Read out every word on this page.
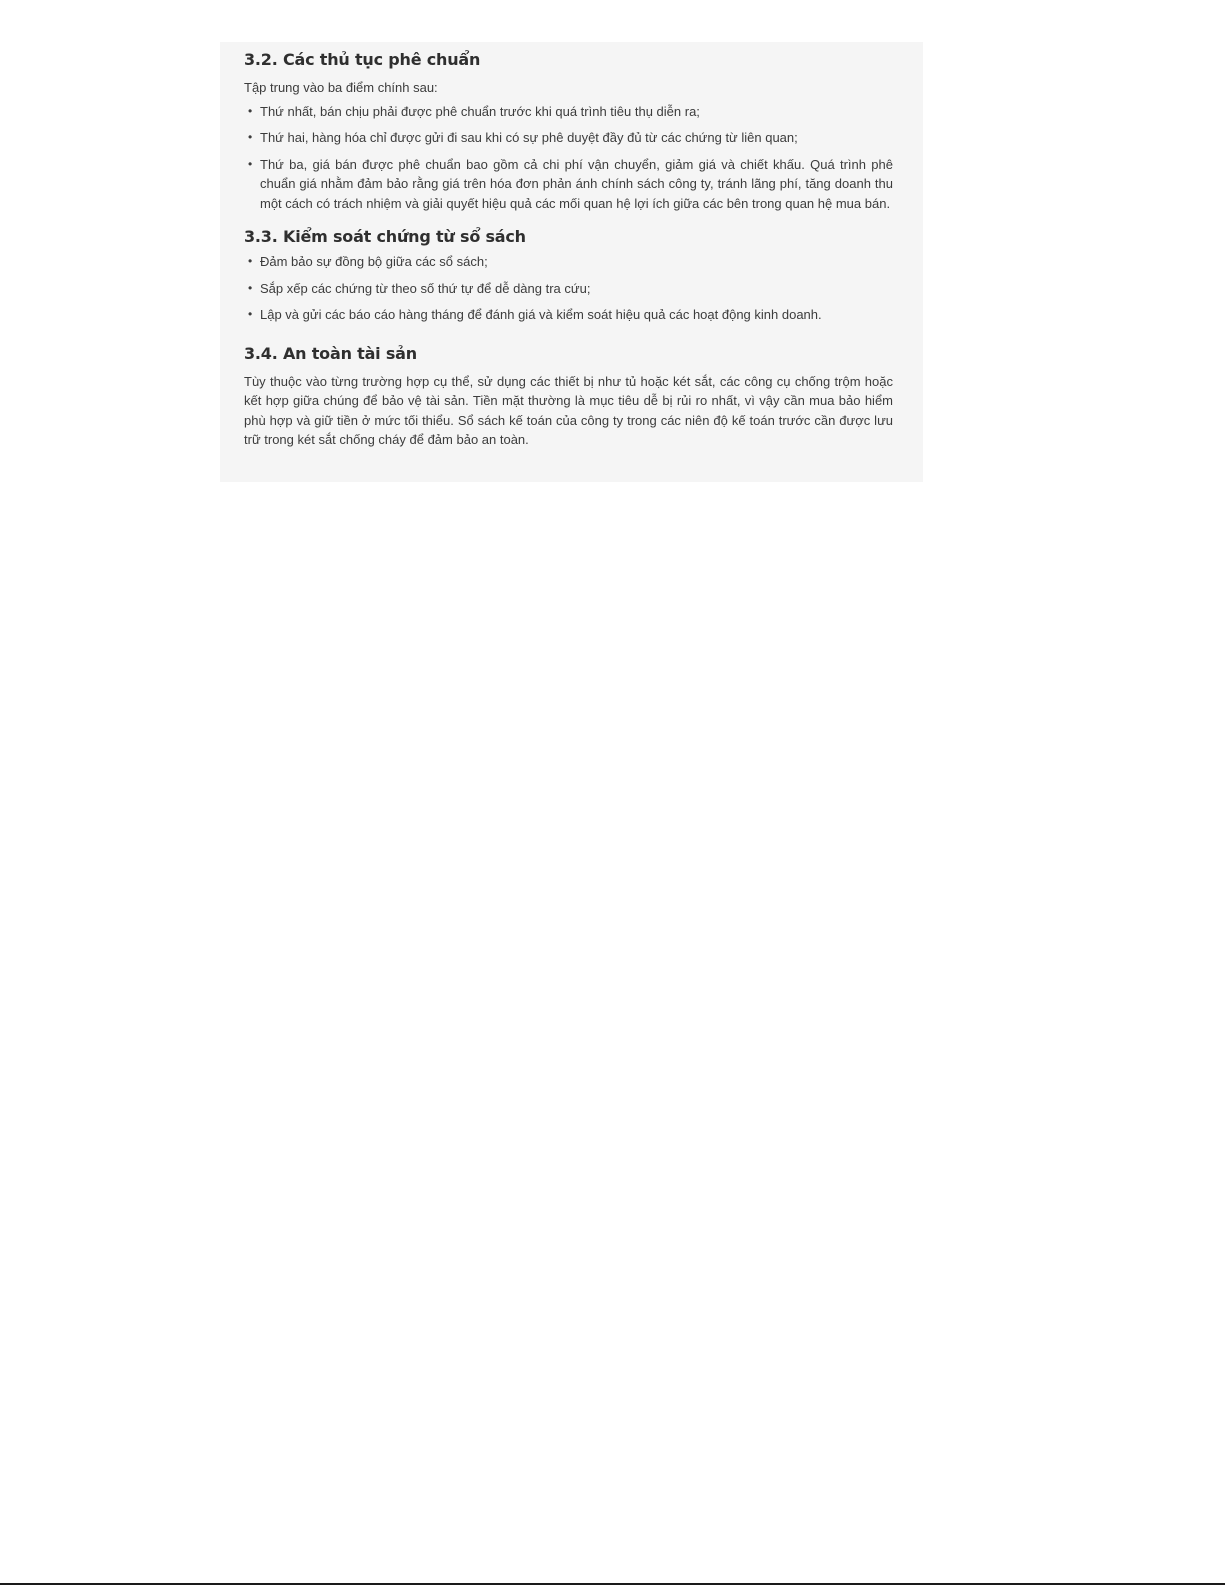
3.2. Các thủ tục phê chuẩn

Tập trung vào ba điểm chính sau:

• Thứ nhất, bán chịu phải được phê chuẩn trước khi quá trình tiêu thụ diễn ra;
• Thứ hai, hàng hóa chỉ được gửi đi sau khi có sự phê duyệt đầy đủ từ các chứng từ liên quan;
• Thứ ba, giá bán được phê chuẩn bao gồm cả chi phí vận chuyển, giảm giá và chiết khấu. Quá trình phê chuẩn giá nhằm đảm bảo rằng giá trên hóa đơn phản ánh chính sách công ty, tránh lãng phí, tăng doanh thu một cách có trách nhiệm và giải quyết hiệu quả các mối quan hệ lợi ích giữa các bên trong quan hệ mua bán.
3.3. Kiểm soát chứng từ sổ sách
• Đảm bảo sự đồng bộ giữa các sổ sách;
• Sắp xếp các chứng từ theo số thứ tự để dễ dàng tra cứu;
• Lập và gửi các báo cáo hàng tháng để đánh giá và kiểm soát hiệu quả các hoạt động kinh doanh.
3.4. An toàn tài sản

Tùy thuộc vào từng trường hợp cụ thể, sử dụng các thiết bị như tủ hoặc két sắt, các công cụ chống trộm hoặc kết hợp giữa chúng để bảo vệ tài sản. Tiền mặt thường là mục tiêu dễ bị rủi ro nhất, vì vậy cần mua bảo hiểm phù hợp và giữ tiền ở mức tối thiểu. Sổ sách kế toán của công ty trong các niên độ kế toán trước cần được lưu trữ trong két sắt chống cháy để đảm bảo an toàn.
